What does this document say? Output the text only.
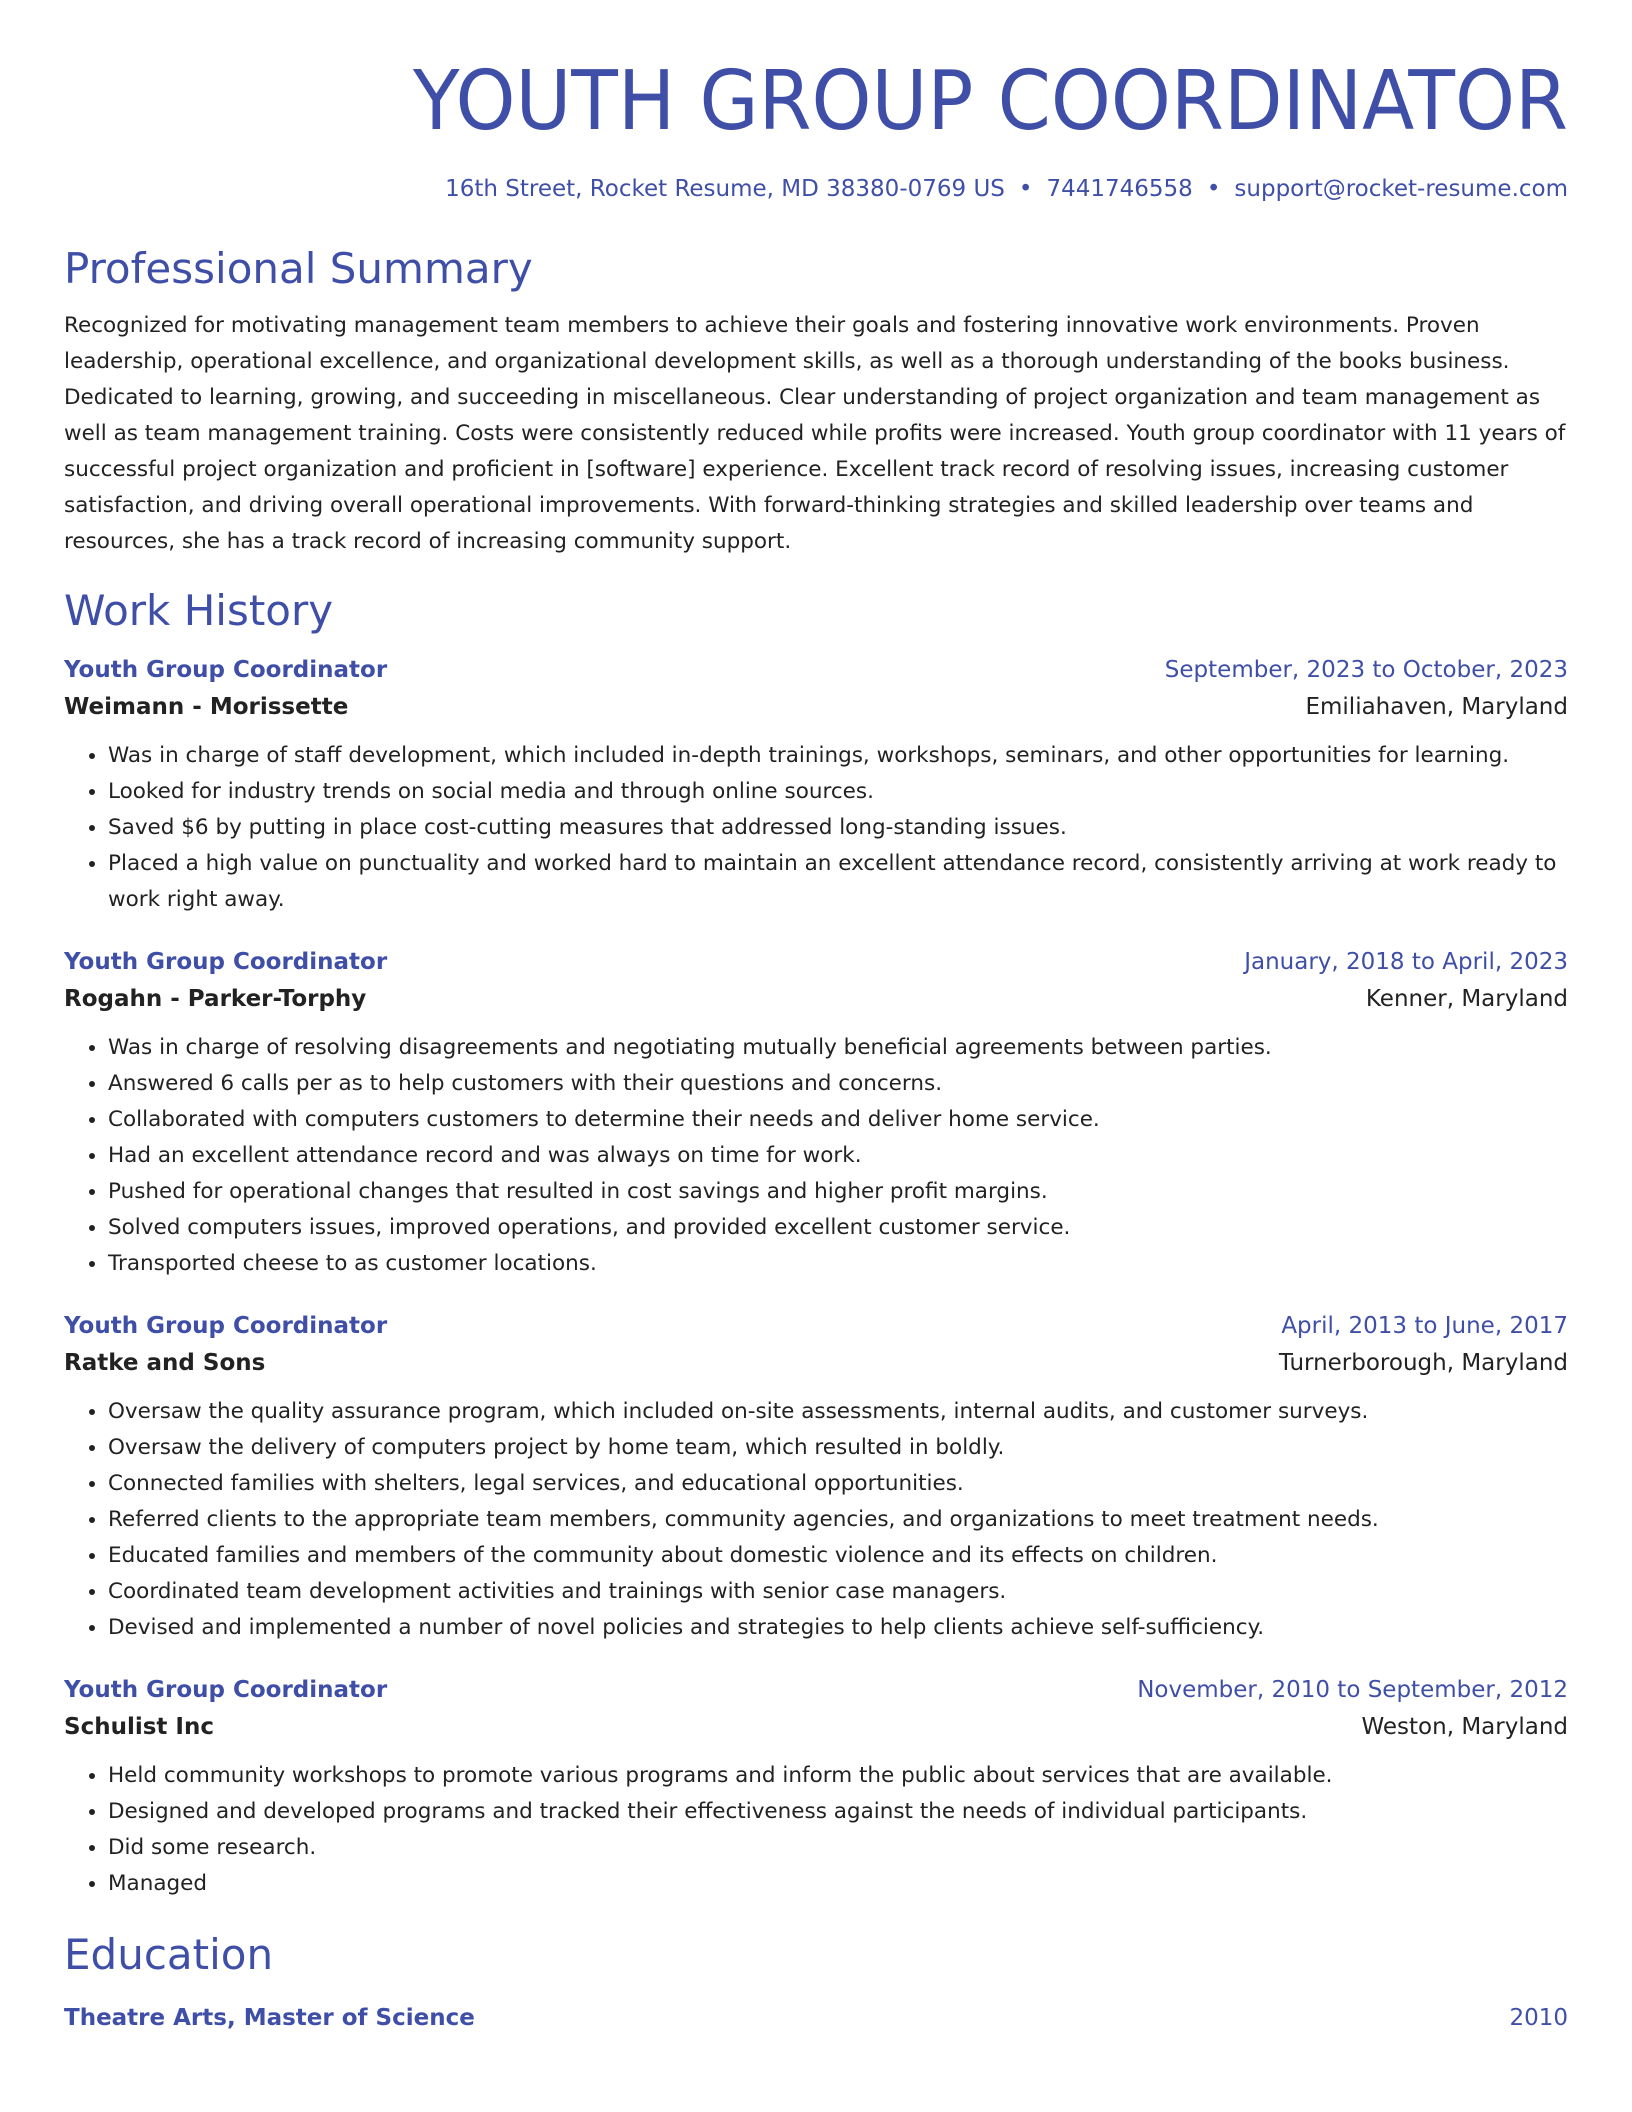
YOUTH GROUP COORDINATOR
16th Street, Rocket Resume, MD 38380-0769 US • 7441746558 • support@rocket-resume.com
Professional Summary
Recognized for motivating management team members to achieve their goals and fostering innovative work environments. Proven leadership, operational excellence, and organizational development skills, as well as a thorough understanding of the books business. Dedicated to learning, growing, and succeeding in miscellaneous. Clear understanding of project organization and team management as well as team management training. Costs were consistently reduced while profits were increased. Youth group coordinator with 11 years of successful project organization and proficient in [software] experience. Excellent track record of resolving issues, increasing customer satisfaction, and driving overall operational improvements. With forward-thinking strategies and skilled leadership over teams and resources, she has a track record of increasing community support.
Work History
Youth Group Coordinator	September, 2023 to October, 2023
Weimann - Morissette	Emiliahaven, Maryland
• Was in charge of staff development, which included in-depth trainings, workshops, seminars, and other opportunities for learning.
• Looked for industry trends on social media and through online sources.
• Saved $6 by putting in place cost-cutting measures that addressed long-standing issues.
• Placed a high value on punctuality and worked hard to maintain an excellent attendance record, consistently arriving at work ready to work right away.
Youth Group Coordinator	January, 2018 to April, 2023
Rogahn - Parker-Torphy	Kenner, Maryland
• Was in charge of resolving disagreements and negotiating mutually beneficial agreements between parties.
• Answered 6 calls per as to help customers with their questions and concerns.
• Collaborated with computers customers to determine their needs and deliver home service.
• Had an excellent attendance record and was always on time for work.
• Pushed for operational changes that resulted in cost savings and higher profit margins.
• Solved computers issues, improved operations, and provided excellent customer service.
• Transported cheese to as customer locations.
Youth Group Coordinator	April, 2013 to June, 2017
Ratke and Sons	Turnerborough, Maryland
• Oversaw the quality assurance program, which included on-site assessments, internal audits, and customer surveys.
• Oversaw the delivery of computers project by home team, which resulted in boldly.
• Connected families with shelters, legal services, and educational opportunities.
• Referred clients to the appropriate team members, community agencies, and organizations to meet treatment needs.
• Educated families and members of the community about domestic violence and its effects on children.
• Coordinated team development activities and trainings with senior case managers.
• Devised and implemented a number of novel policies and strategies to help clients achieve self-sufficiency.
Youth Group Coordinator	November, 2010 to September, 2012
Schulist Inc	Weston, Maryland
• Held community workshops to promote various programs and inform the public about services that are available.
• Designed and developed programs and tracked their effectiveness against the needs of individual participants.
• Did some research.
• Managed
Education
Theatre Arts, Master of Science	2010
